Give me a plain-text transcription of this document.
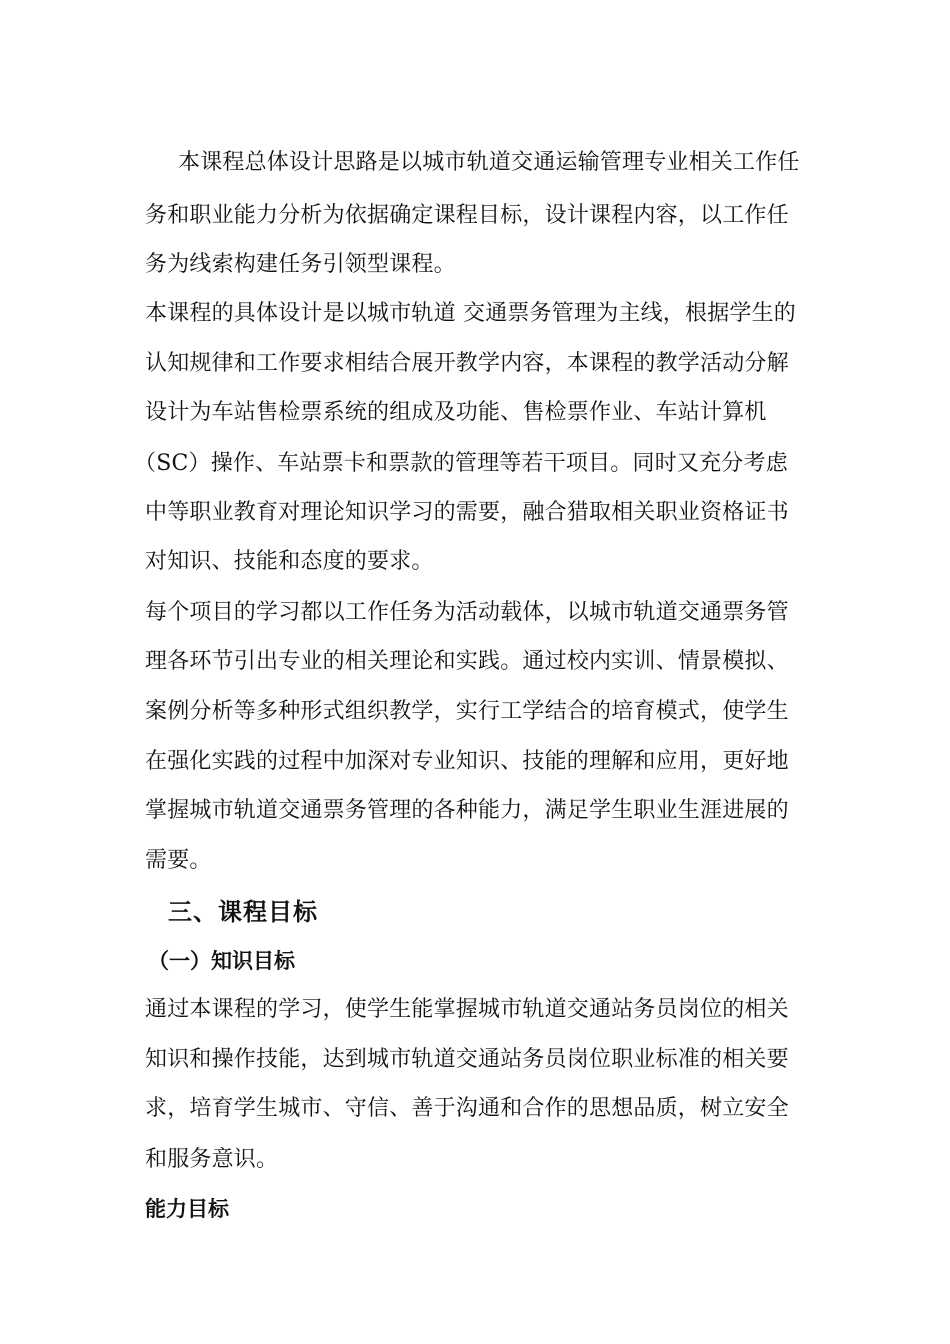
本课程总体设计思路是以城市轨道交通运输管理专业相关工作任
务和职业能力分析为依据确定课程目标，设计课程内容，以工作任
务为线索构建任务引领型课程。
本课程的具体设计是以城市轨道 交通票务管理为主线，根据学生的
认知规律和工作要求相结合展开教学内容，本课程的教学活动分解
设计为车站售检票系统的组成及功能、售检票作业、车站计算机
（SC）操作、车站票卡和票款的管理等若干项目。同时又充分考虑
中等职业教育对理论知识学习的需要，融合猎取相关职业资格证书
对知识、技能和态度的要求。
每个项目的学习都以工作任务为活动载体，以城市轨道交通票务管
理各环节引出专业的相关理论和实践。通过校内实训、情景模拟、
案例分析等多种形式组织教学，实行工学结合的培育模式，使学生
在强化实践的过程中加深对专业知识、技能的理解和应用，更好地
掌握城市轨道交通票务管理的各种能力，满足学生职业生涯进展的
需要。
三、课程目标
（一）知识目标
通过本课程的学习，使学生能掌握城市轨道交通站务员岗位的相关
知识和操作技能，达到城市轨道交通站务员岗位职业标准的相关要
求，培育学生城市、守信、善于沟通和合作的思想品质，树立安全
和服务意识。
能力目标
